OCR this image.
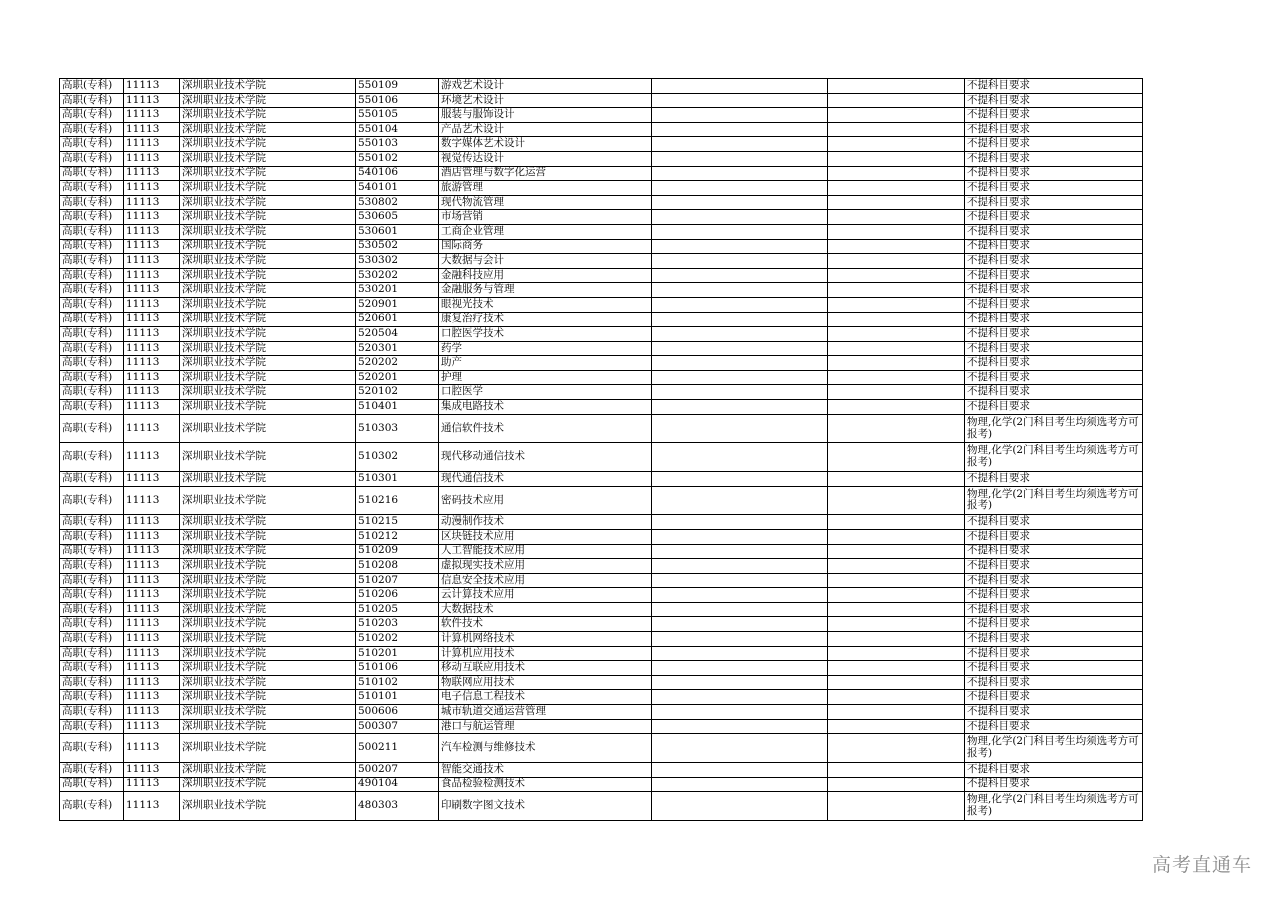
高职(专科)	11113	深圳职业技术学院	550109	游戏艺术设计			不提科目要求
高职(专科)	11113	深圳职业技术学院	550106	环境艺术设计			不提科目要求
高职(专科)	11113	深圳职业技术学院	550105	服装与服饰设计			不提科目要求
高职(专科)	11113	深圳职业技术学院	550104	产品艺术设计			不提科目要求
高职(专科)	11113	深圳职业技术学院	550103	数字媒体艺术设计			不提科目要求
高职(专科)	11113	深圳职业技术学院	550102	视觉传达设计			不提科目要求
高职(专科)	11113	深圳职业技术学院	540106	酒店管理与数字化运营			不提科目要求
高职(专科)	11113	深圳职业技术学院	540101	旅游管理			不提科目要求
高职(专科)	11113	深圳职业技术学院	530802	现代物流管理			不提科目要求
高职(专科)	11113	深圳职业技术学院	530605	市场营销			不提科目要求
高职(专科)	11113	深圳职业技术学院	530601	工商企业管理			不提科目要求
高职(专科)	11113	深圳职业技术学院	530502	国际商务			不提科目要求
高职(专科)	11113	深圳职业技术学院	530302	大数据与会计			不提科目要求
高职(专科)	11113	深圳职业技术学院	530202	金融科技应用			不提科目要求
高职(专科)	11113	深圳职业技术学院	530201	金融服务与管理			不提科目要求
高职(专科)	11113	深圳职业技术学院	520901	眼视光技术			不提科目要求
高职(专科)	11113	深圳职业技术学院	520601	康复治疗技术			不提科目要求
高职(专科)	11113	深圳职业技术学院	520504	口腔医学技术			不提科目要求
高职(专科)	11113	深圳职业技术学院	520301	药学			不提科目要求
高职(专科)	11113	深圳职业技术学院	520202	助产			不提科目要求
高职(专科)	11113	深圳职业技术学院	520201	护理			不提科目要求
高职(专科)	11113	深圳职业技术学院	520102	口腔医学			不提科目要求
高职(专科)	11113	深圳职业技术学院	510401	集成电路技术			不提科目要求
高职(专科)	11113	深圳职业技术学院	510303	通信软件技术			物理,化学(2门科目考生均须选考方可报考)
高职(专科)	11113	深圳职业技术学院	510302	现代移动通信技术			物理,化学(2门科目考生均须选考方可报考)
高职(专科)	11113	深圳职业技术学院	510301	现代通信技术			不提科目要求
高职(专科)	11113	深圳职业技术学院	510216	密码技术应用			物理,化学(2门科目考生均须选考方可报考)
高职(专科)	11113	深圳职业技术学院	510215	动漫制作技术			不提科目要求
高职(专科)	11113	深圳职业技术学院	510212	区块链技术应用			不提科目要求
高职(专科)	11113	深圳职业技术学院	510209	人工智能技术应用			不提科目要求
高职(专科)	11113	深圳职业技术学院	510208	虚拟现实技术应用			不提科目要求
高职(专科)	11113	深圳职业技术学院	510207	信息安全技术应用			不提科目要求
高职(专科)	11113	深圳职业技术学院	510206	云计算技术应用			不提科目要求
高职(专科)	11113	深圳职业技术学院	510205	大数据技术			不提科目要求
高职(专科)	11113	深圳职业技术学院	510203	软件技术			不提科目要求
高职(专科)	11113	深圳职业技术学院	510202	计算机网络技术			不提科目要求
高职(专科)	11113	深圳职业技术学院	510201	计算机应用技术			不提科目要求
高职(专科)	11113	深圳职业技术学院	510106	移动互联应用技术			不提科目要求
高职(专科)	11113	深圳职业技术学院	510102	物联网应用技术			不提科目要求
高职(专科)	11113	深圳职业技术学院	510101	电子信息工程技术			不提科目要求
高职(专科)	11113	深圳职业技术学院	500606	城市轨道交通运营管理			不提科目要求
高职(专科)	11113	深圳职业技术学院	500307	港口与航运管理			不提科目要求
高职(专科)	11113	深圳职业技术学院	500211	汽车检测与维修技术			物理,化学(2门科目考生均须选考方可报考)
高职(专科)	11113	深圳职业技术学院	500207	智能交通技术			不提科目要求
高职(专科)	11113	深圳职业技术学院	490104	食品检验检测技术			不提科目要求
高职(专科)	11113	深圳职业技术学院	480303	印刷数字图文技术			物理,化学(2门科目考生均须选考方可报考)
高考直通车
